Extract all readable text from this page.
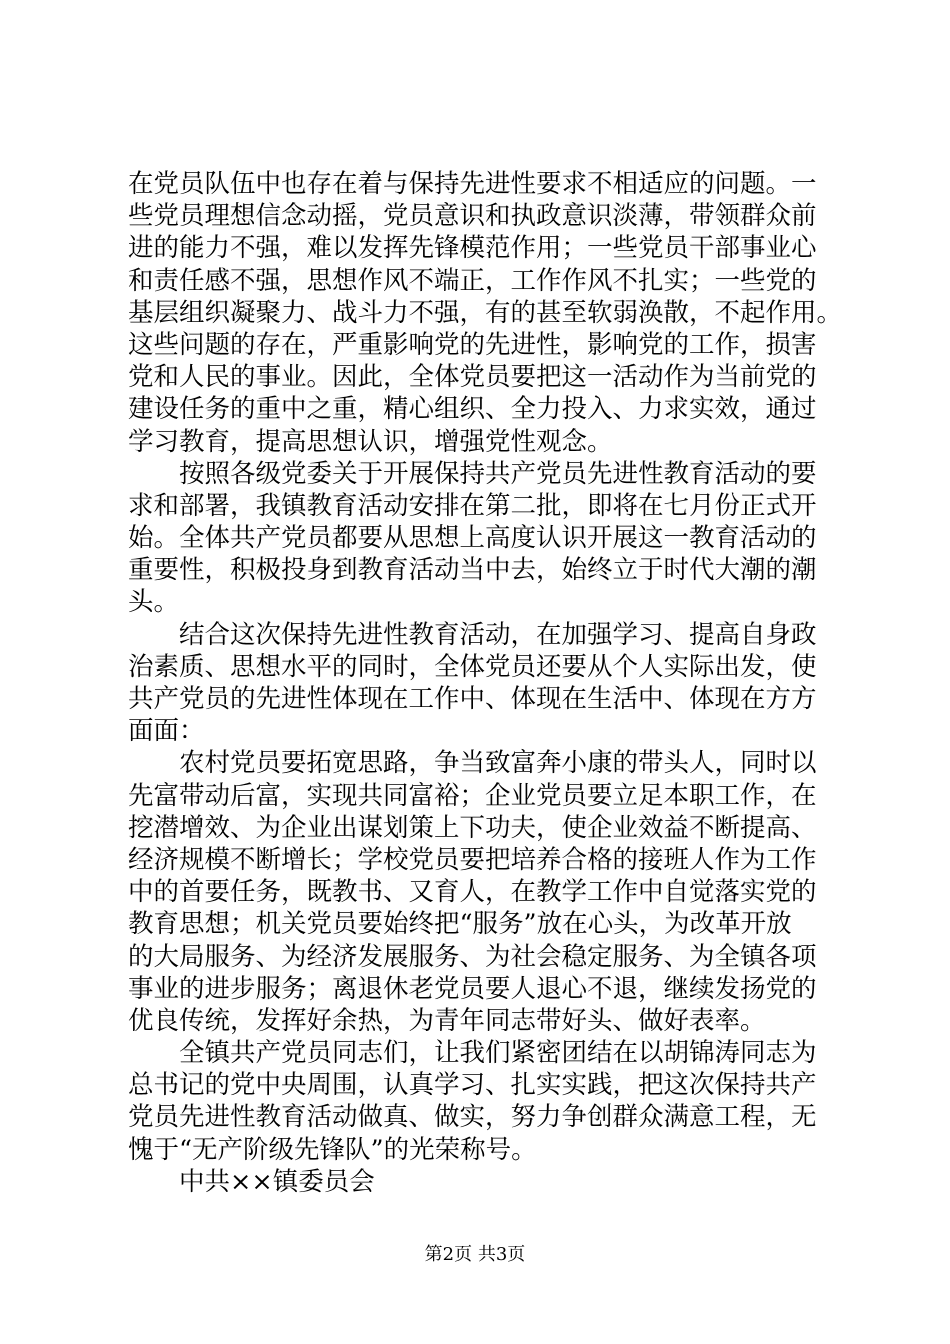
在党员队伍中也存在着与保持先进性要求不相适应的问题。一
些党员理想信念动摇，党员意识和执政意识淡薄，带领群众前
进的能力不强，难以发挥先锋模范作用；一些党员干部事业心
和责任感不强，思想作风不端正，工作作风不扎实；一些党的
基层组织凝聚力、战斗力不强，有的甚至软弱涣散，不起作用。
这些问题的存在，严重影响党的先进性，影响党的工作，损害
党和人民的事业。因此，全体党员要把这一活动作为当前党的
建设任务的重中之重，精心组织、全力投入、力求实效，通过
学习教育，提高思想认识，增强党性观念。
　　按照各级党委关于开展保持共产党员先进性教育活动的要
求和部署，我镇教育活动安排在第二批，即将在七月份正式开
始。全体共产党员都要从思想上高度认识开展这一教育活动的
重要性，积极投身到教育活动当中去，始终立于时代大潮的潮
头。
　　结合这次保持先进性教育活动，在加强学习、提高自身政
治素质、思想水平的同时，全体党员还要从个人实际出发，使
共产党员的先进性体现在工作中、体现在生活中、体现在方方
面面：
　　农村党员要拓宽思路，争当致富奔小康的带头人，同时以
先富带动后富，实现共同富裕；企业党员要立足本职工作，在
挖潜增效、为企业出谋划策上下功夫，使企业效益不断提高、
经济规模不断增长；学校党员要把培养合格的接班人作为工作
中的首要任务，既教书、又育人，在教学工作中自觉落实党的
教育思想；机关党员要始终把“服务”放在心头，为改革开放
的大局服务、为经济发展服务、为社会稳定服务、为全镇各项
事业的进步服务；离退休老党员要人退心不退，继续发扬党的
优良传统，发挥好余热，为青年同志带好头、做好表率。
　　全镇共产党员同志们，让我们紧密团结在以胡锦涛同志为
总书记的党中央周围，认真学习、扎实实践，把这次保持共产
党员先进性教育活动做真、做实，努力争创群众满意工程，无
愧于“无产阶级先锋队”的光荣称号。
　　中共××镇委员会
第2页 共3页
